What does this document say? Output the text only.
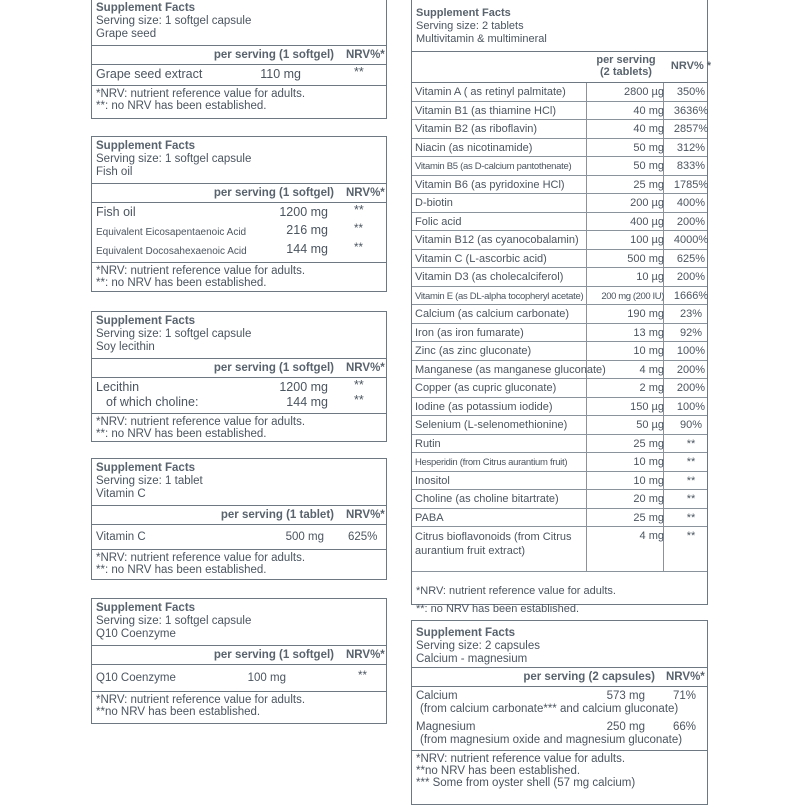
Supplement Facts
Serving size: 1 softgel capsule
Grape seed
per serving (1 softgel) NRV%*
Grape seed extract	110 mg	**
*NRV: nutrient reference value for adults.
**: no NRV has been established.
Supplement Facts
Serving size: 1 softgel capsule
Fish oil
per serving (1 softgel) NRV%*
Fish oil	1200 mg **
Equivalent Eicosapentaenoic Acid	216 mg **
Equivalent Docosahexaenoic Acid	144 mg **
*NRV: nutrient reference value for adults.
**: no NRV has been established.
Supplement Facts
Serving size: 1 softgel capsule
Soy lecithin
per serving (1 softgel) NRV%*
Lecithin	1200 mg **
of which choline:	144 mg **
*NRV: nutrient reference value for adults.
**: no NRV has been established.
Supplement Facts
Serving size: 1 tablet
Vitamin C
per serving (1 tablet) NRV%*
Vitamin C	500 mg 625%
*NRV: nutrient reference value for adults.
**: no NRV has been established.
Supplement Facts
Serving size: 1 softgel capsule
Q10 Coenzyme
per serving (1 softgel) NRV%*
Q10 Coenzyme	100 mg	**
*NRV: nutrient reference value for adults.
**no NRV has been established.
Supplement Facts
Serving size: 2 tablets
Multivitamin & multimineral
per serving
(2 tablets)	NRV% *
Vitamin A ( as retinyl palmitate)	2800 µg	350%
Vitamin B1 (as thiamine HCl)	40 mg 3636%
Vitamin B2 (as riboflavin)	40 mg 2857%
Niacin (as nicotinamide)	50 mg	312%
Vitamin B5 (as D-calcium pantothenate)	50 mg	833%
Vitamin B6 (as pyridoxine HCl)	25 mg 1785%
D-biotin	200 µg	400%
Folic acid	400 µg	200%
Vitamin B12 (as cyanocobalamin)	100 µg 4000%
Vitamin C (L-ascorbic acid)	500 mg	625%
Vitamin D3 (as cholecalciferol)	10 µg	200%
Vitamin E (as DL-alpha tocopheryl acetate)	200 mg (200 IU) 1666%
Calcium (as calcium carbonate)	190 mg	23%
Iron (as iron fumarate)	13 mg	92%
Zinc (as zinc gluconate)	10 mg	100%
Manganese (as manganese gluconate)	4 mg	200%
Copper (as cupric gluconate)	2 mg	200%
Iodine (as potassium iodide)	150 µg	100%
Selenium (L-selenomethionine)	50 µg	90%
Rutin	25 mg	**
Hesperidin (from Citrus aurantium fruit)	10 mg	**
Inositol	10 mg	**
Choline (as choline bitartrate)	20 mg	**
PABA	25 mg	**
Citrus bioflavonoids (from Citrus
aurantium fruit extract)
4 mg	**
*NRV: nutrient reference value for adults.
**: no NRV has been established.
Supplement Facts
Serving size: 2 capsules
Calcium - magnesium
per serving (2 capsules) NRV%*
Calcium	573 mg 71%
(from calcium carbonate*** and calcium gluconate)
Magnesium	250 mg 66%
(from magnesium oxide and magnesium gluconate)
*NRV: nutrient reference value for adults.
**no NRV has been established.
*** Some from oyster shell (57 mg calcium)
